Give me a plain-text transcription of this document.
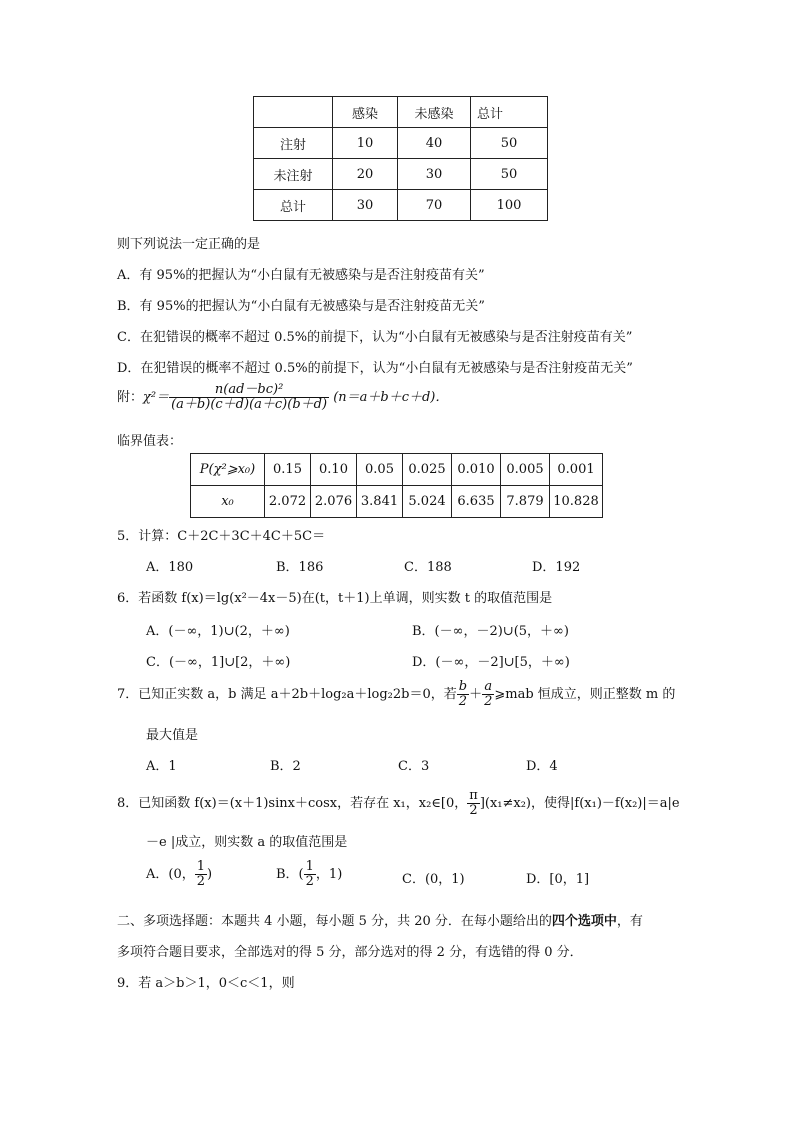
	感染	未感染	总计
注射	10	40	50
未注射	20	30	50
总计	30	70	100
则下列说法一定正确的是
A．有 95%的把握认为“小白鼠有无被感染与是否注射疫苗有关”
B．有 95%的把握认为“小白鼠有无被感染与是否注射疫苗无关”
C．在犯错误的概率不超过 0.5%的前提下，认为“小白鼠有无被感染与是否注射疫苗有关”
D．在犯错误的概率不超过 0.5%的前提下，认为“小白鼠有无被感染与是否注射疫苗无关”
附：$\chi^2= \frac{\text{n(ad－bc)²}}{(a+b)(c+d)(a+c)(b+d)} (n=a+b+c+d)$．
临界值表：
P(χ²⩾x₀)	0.15	0.10	0.05	0.025	0.010	0.005	0.001
x₀	2.072	2.076	3.841	5.024	6.635	7.879	10.828
5．计算：C＋2C＋3C＋4C＋5C＝
A．180	B．186	C．188	D．192
6．若函数 f(x)＝lg(x²－4x－5)在(t，t＋1)上单调，则实数 t 的取值范围是
A．(－∞，1)∪(2，＋∞)	B．(－∞，－2)∪(5，＋∞)
C．(－∞，1]∪[2，＋∞)	D．(－∞，－2]∪[5，＋∞)
7．已知正实数 a，b 满足 a＋2b＋log₂a＋log₂2b＝0，若 $\frac{b}{2} + \frac{a}{2}$ ⩾mab 恒成立，则正整数 m 的
最大值是
A．1	B．2	C．3	D．4
8．已知函数 f(x)＝(x＋1)sinx＋cosx，若存在 x₁，x₂∈[0， $\frac{\pi}{2} ](x_1\ne x_2)$，使得|f(x₁)－f(x₂)|＝a|e
－e |成立，则实数 a 的取值范围是
A．(0， $\frac{1}{2}$ )	B．( $\frac{1}{2}$ ，1)	C．(0，1)	D．[0，1]
二、多项选择题：本题共 4 小题，每小题 5 分，共 20 分．在每小题给出的四个选项中，有
多项符合题目要求，全部选对的得 5 分，部分选对的得 2 分，有选错的得 0 分．
9．若 a＞b＞1，0＜c＜1，则
